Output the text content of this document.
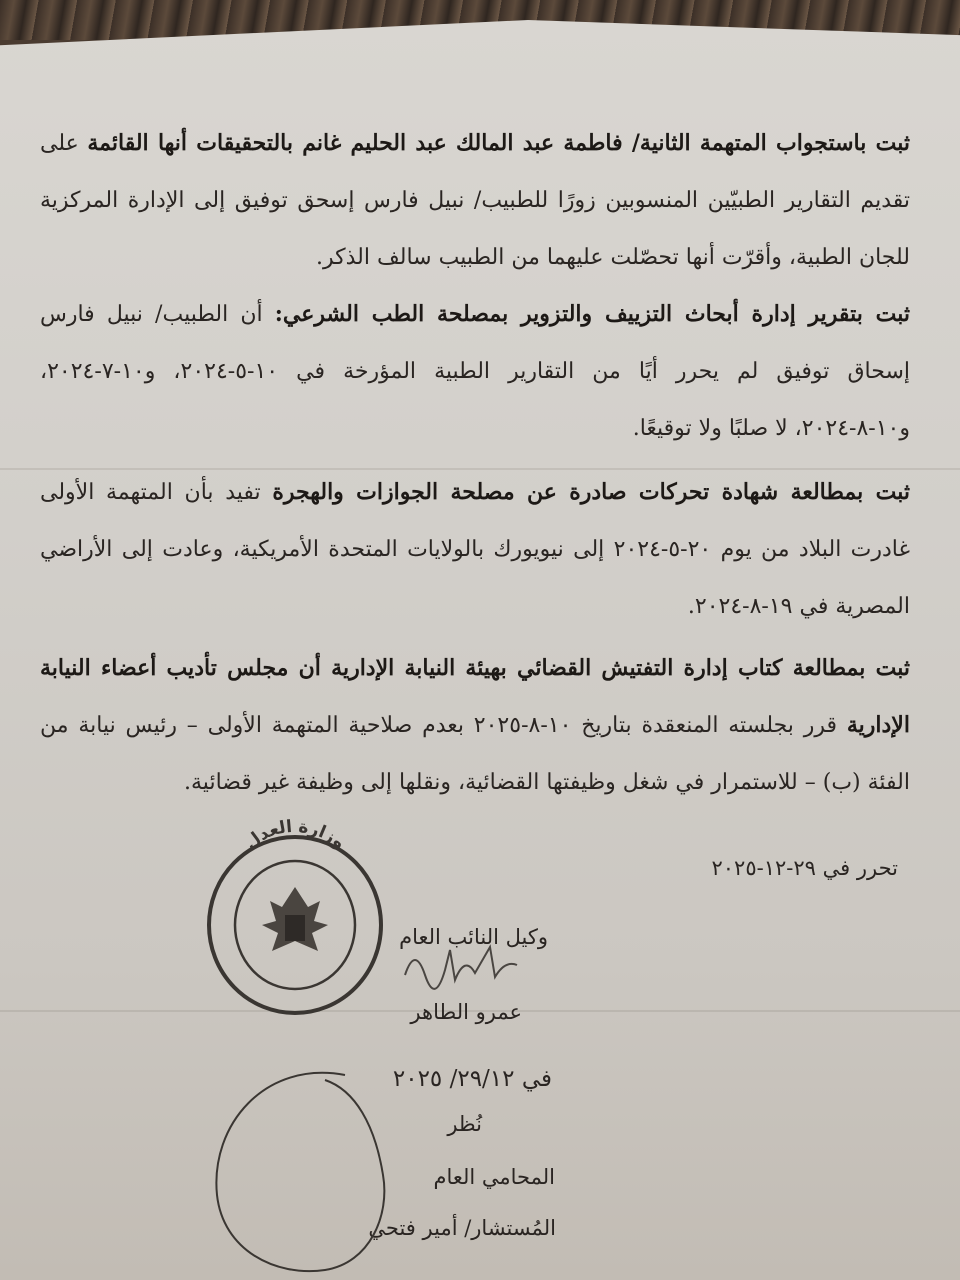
ثبت باستجواب المتهمة الثانية/ فاطمة عبد المالك عبد الحليم غانم بالتحقيقات أنها القائمة على تقديم التقارير الطبيّين المنسوبين زورًا للطبيب/ نبيل فارس إسحق توفيق إلى الإدارة المركزية للجان الطبية، وأقرّت أنها تحصّلت عليهما من الطبيب سالف الذكر.
ثبت بتقرير إدارة أبحاث التزييف والتزوير بمصلحة الطب الشرعي: أن الطبيب/ نبيل فارس إسحاق توفيق لم يحرر أيًا من التقارير الطبية المؤرخة في ١٠-٥-٢٠٢٤، و١٠-٧-٢٠٢٤، و١٠-٨-٢٠٢٤، لا صلبًا ولا توقيعًا.
ثبت بمطالعة شهادة تحركات صادرة عن مصلحة الجوازات والهجرة تفيد بأن المتهمة الأولى غادرت البلاد من يوم ٢٠-٥-٢٠٢٤ إلى نيويورك بالولايات المتحدة الأمريكية، وعادت إلى الأراضي المصرية في ١٩-٨-٢٠٢٤.
ثبت بمطالعة كتاب إدارة التفتيش القضائي بهيئة النيابة الإدارية أن مجلس تأديب أعضاء النيابة الإدارية قرر بجلسته المنعقدة بتاريخ ١٠-٨-٢٠٢٥ بعدم صلاحية المتهمة الأولى – رئيس نيابة من الفئة (ب) – للاستمرار في شغل وظيفتها القضائية، ونقلها إلى وظيفة غير قضائية.
تحرر في ٢٩-١٢-٢٠٢٥
وزارة العدل
وكيل النائب العام
عمرو الطاهر
في ٢٩/١٢/ ٢٠٢٥
نُظر
المحامي العام
المُستشار/ أمير فتحي
